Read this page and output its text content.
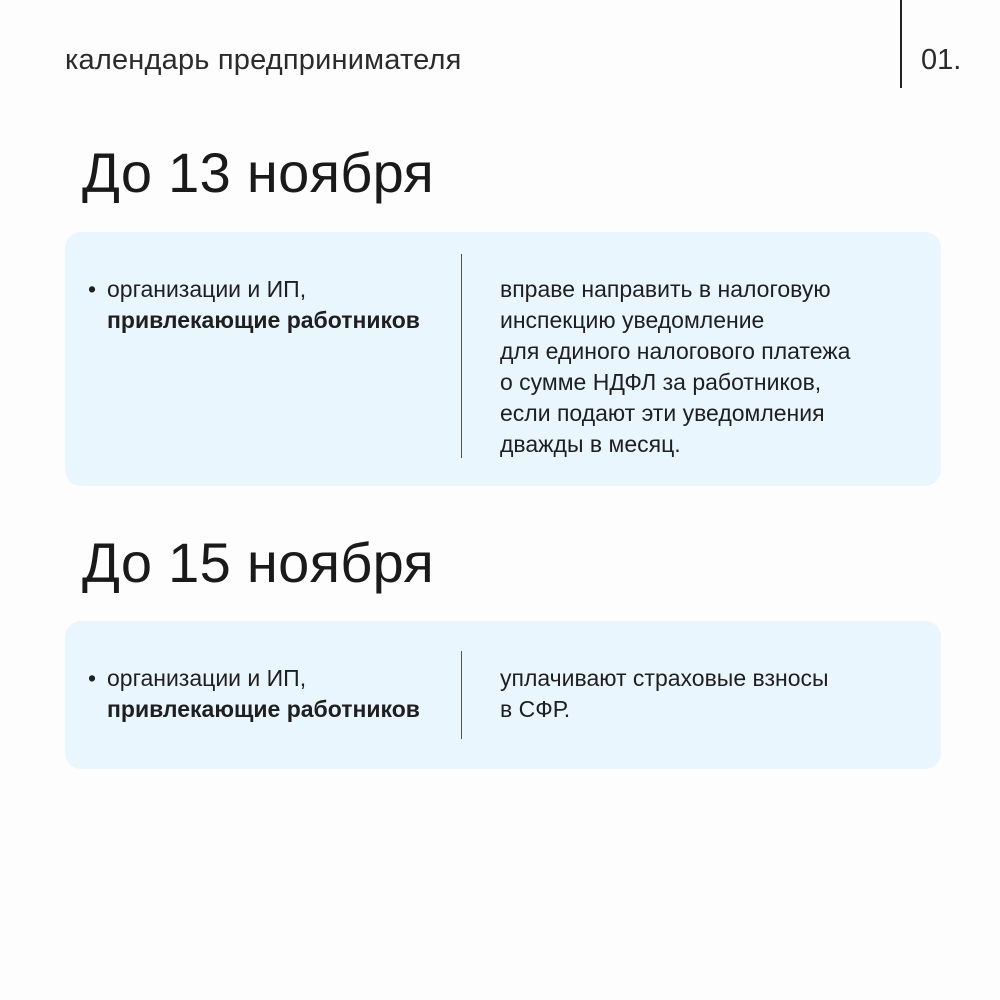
календарь предпринимателя	01.
До 13 ноября
• организации и ИП,
привлекающие работников
вправе направить в налоговую
инспекцию уведомление
для единого налогового платежа
о сумме НДФЛ за работников,
если подают эти уведомления
дважды в месяц.
До 15 ноября
• организации и ИП,
привлекающие работников
уплачивают страховые взносы
в СФР.
